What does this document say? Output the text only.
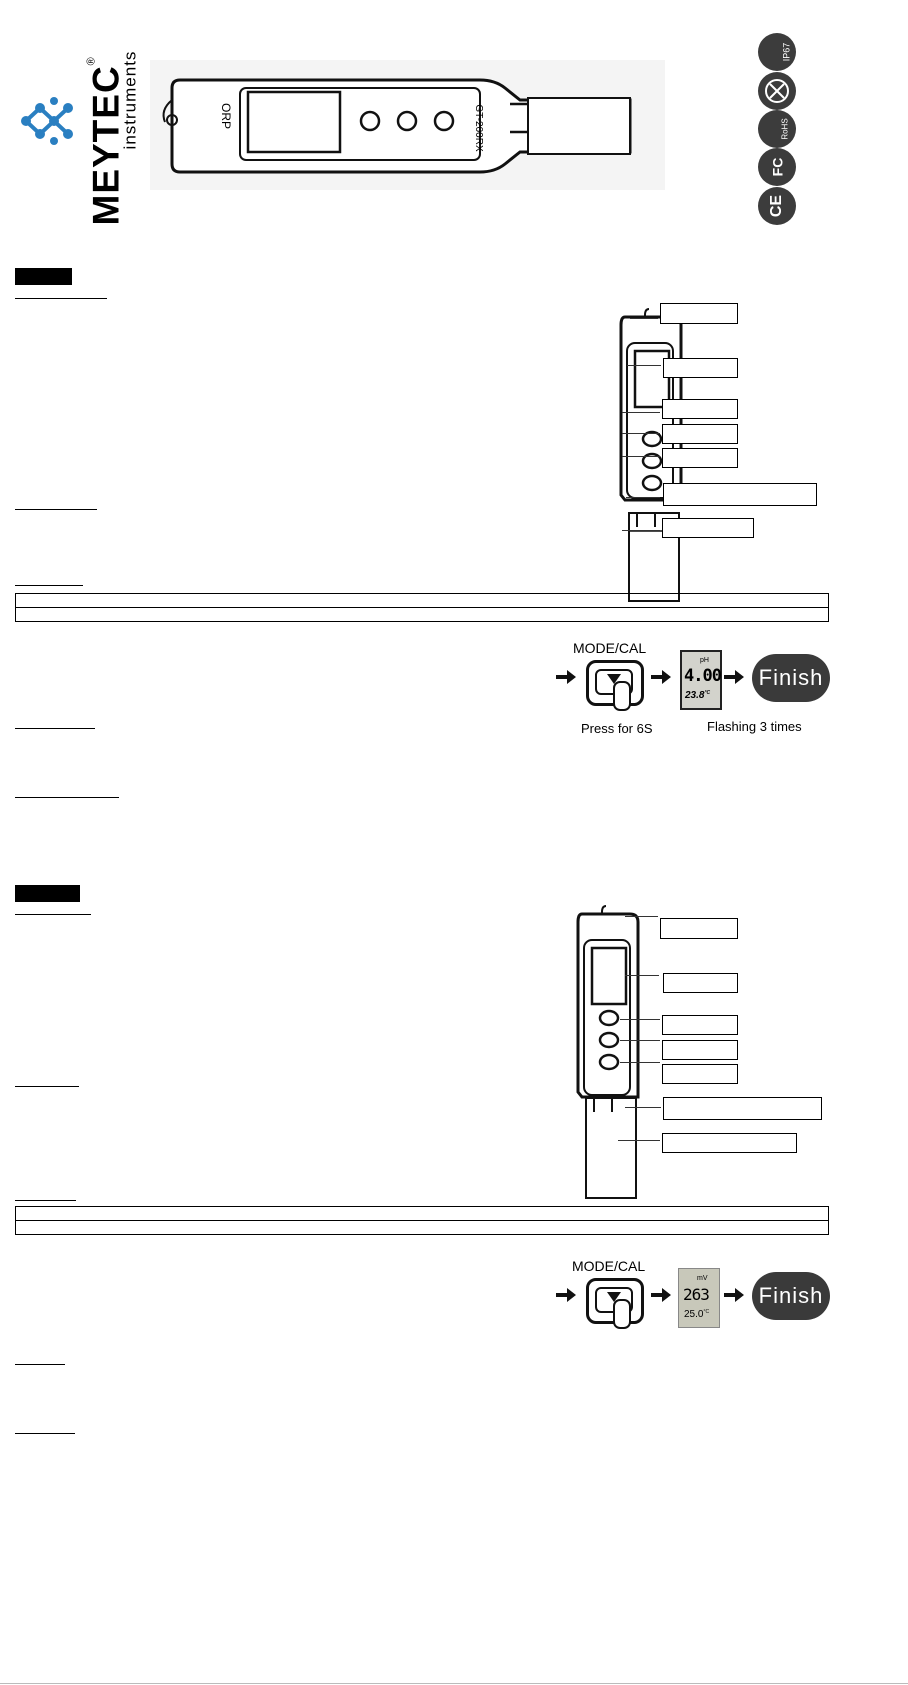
MEYTEC®	instruments	ORP	GT-200RX
IP67
RoHS
FC
CE
MODE/CAL
Press for 6S
pH
4.00
$23.8^{^\circ C}$
Finish
Flashing 3 times
MODE/CAL
mV
263
$25.0^{^\circ C}$
Finish
